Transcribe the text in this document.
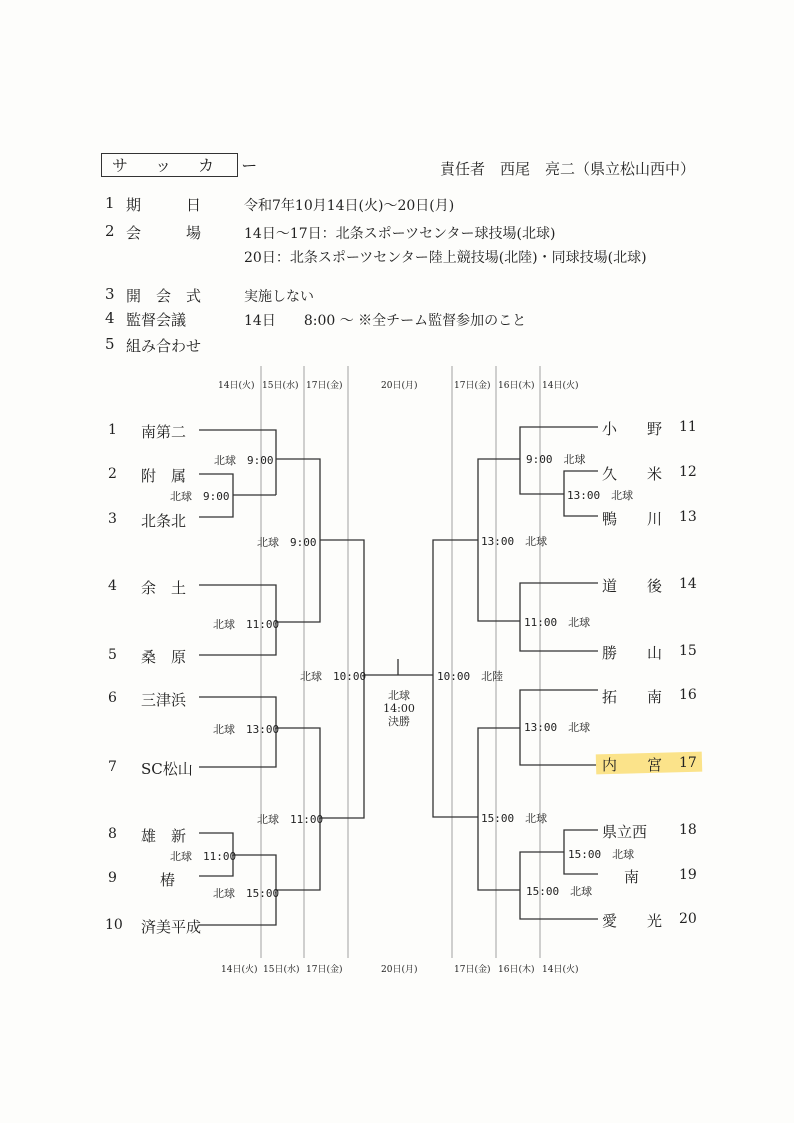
サ ッ カ ー	責任者　西尾　亮二（県立松山西中）
1 期　　　日	令和7年10月14日(火)～20日(月)
2 会　　　場	14日～17日：北条スポーツセンター球技場(北球)
20日：北条スポーツセンター陸上競技場(北陸)・同球技場(北球)
3 開　会　式	実施しない
4 監督会議	14日　　8:00 ～ ※全チーム監督参加のこと
5 組み合わせ
14日(火) 15日(水) 17日(金)	20日(月)	17日(金) 16日(木) 14日(火)
14日(火) 15日(水) 17日(金)	20日(月)	17日(金) 16日(木) 14日(火)
1 南第二
2 附　属
3 北条北
4 余　土
5 桑　原
6 三津浜
7 SC松山
8 雄　新
9	椿
10 済美平成
小　　野 11
久　　米 12
鴨　　川 13
道　　後 14
勝　　山 15
拓　　南 16
内　　宮 17
県立西 18
南	19
愛　　光 20
北球　9:00
北球　9:00
北球　11:00
北球　9:00
北球　13:00
北球　11:00
北球　15:00
北球　11:00
北球　10:00
9:00　北球
13:00　北球
11:00　北球
13:00　北球
13:00　北球
15:00　北球
15:00　北球
15:00　北球
10:00　北陸
北球
14:00
決勝
